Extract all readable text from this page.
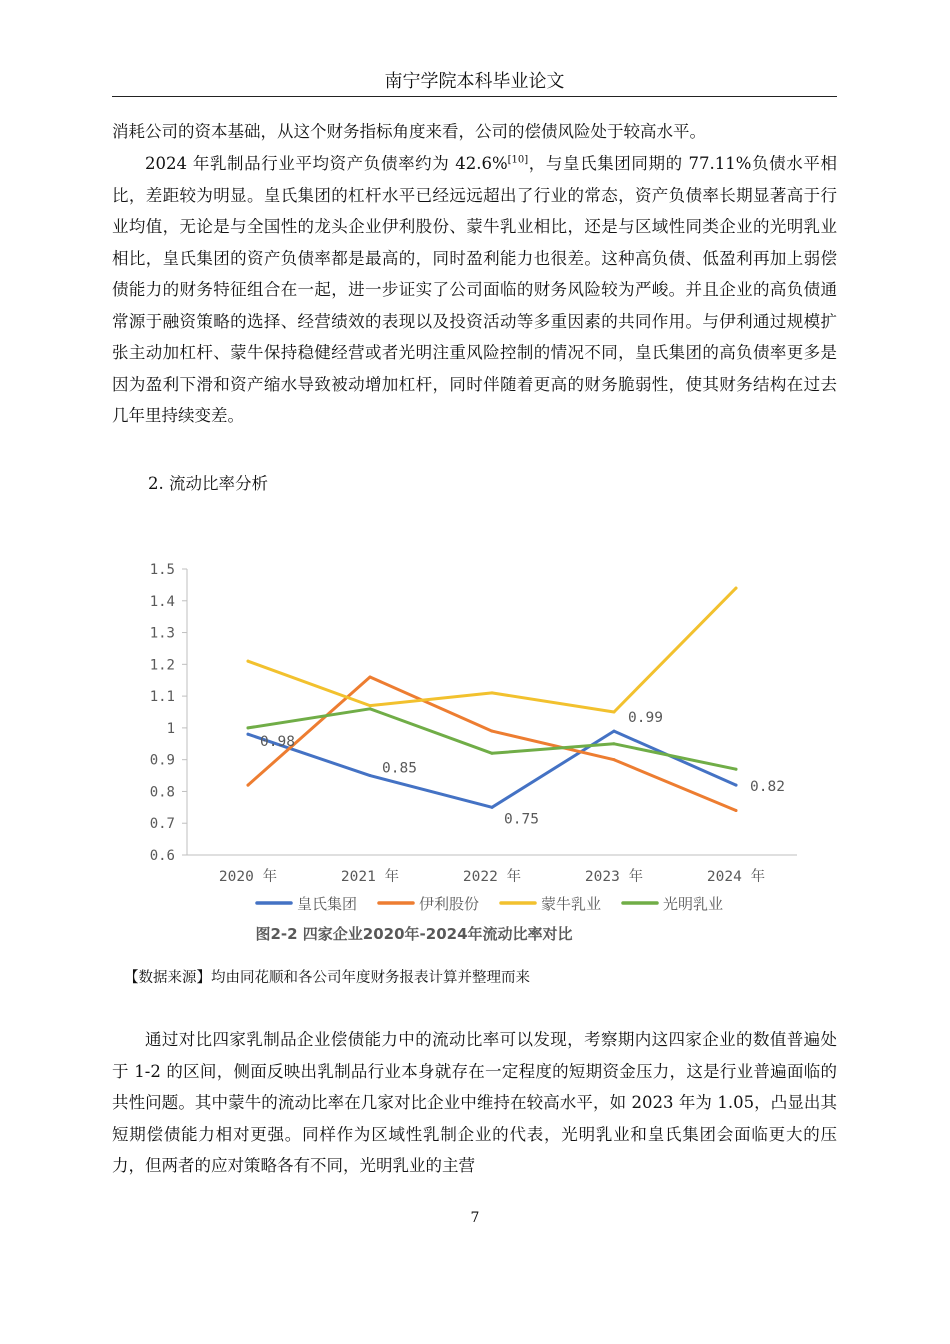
南宁学院本科毕业论文

消耗公司的资本基础，从这个财务指标角度来看，公司的偿债风险处于较高水平。

2024 年乳制品行业平均资产负债率约为 42.6%[10]，与皇氏集团同期的 77.11%负债水平相比，差距较为明显。皇氏集团的杠杆水平已经远远超出了行业的常态，资产负债率长期显著高于行业均值，无论是与全国性的龙头企业伊利股份、蒙牛乳业相比，还是与区域性同类企业的光明乳业相比，皇氏集团的资产负债率都是最高的，同时盈利能力也很差。这种高负债、低盈利再加上弱偿债能力的财务特征组合在一起，进一步证实了公司面临的财务风险较为严峻。并且企业的高负债通常源于融资策略的选择、经营绩效的表现以及投资活动等多重因素的共同作用。与伊利通过规模扩张主动加杠杆、蒙牛保持稳健经营或者光明注重风险控制的情况不同，皇氏集团的高负债率更多是因为盈利下滑和资产缩水导致被动增加杠杆，同时伴随着更高的财务脆弱性，使其财务结构在过去几年里持续变差。

2. 流动比率分析

0.6
0.7
0.8
0.9
1
1.1
1.2
1.3
1.4
1.5
2020 年	2021 年	2022 年	2023 年	2024 年
0.98
0.85
0.75
0.99
0.82
皇氏集团	伊利股份	蒙牛乳业	光明乳业
图2-2 四家企业2020年-2024年流动比率对比

【数据来源】均由同花顺和各公司年度财务报表计算并整理而来

通过对比四家乳制品企业偿债能力中的流动比率可以发现，考察期内这四家企业的数值普遍处于 1-2 的区间，侧面反映出乳制品行业本身就存在一定程度的短期资金压力，这是行业普遍面临的共性问题。其中蒙牛的流动比率在几家对比企业中维持在较高水平，如 2023 年为 1.05，凸显出其短期偿债能力相对更强。同样作为区域性乳制企业的代表，光明乳业和皇氏集团会面临更大的压力，但两者的应对策略各有不同，光明乳业的主营

7
